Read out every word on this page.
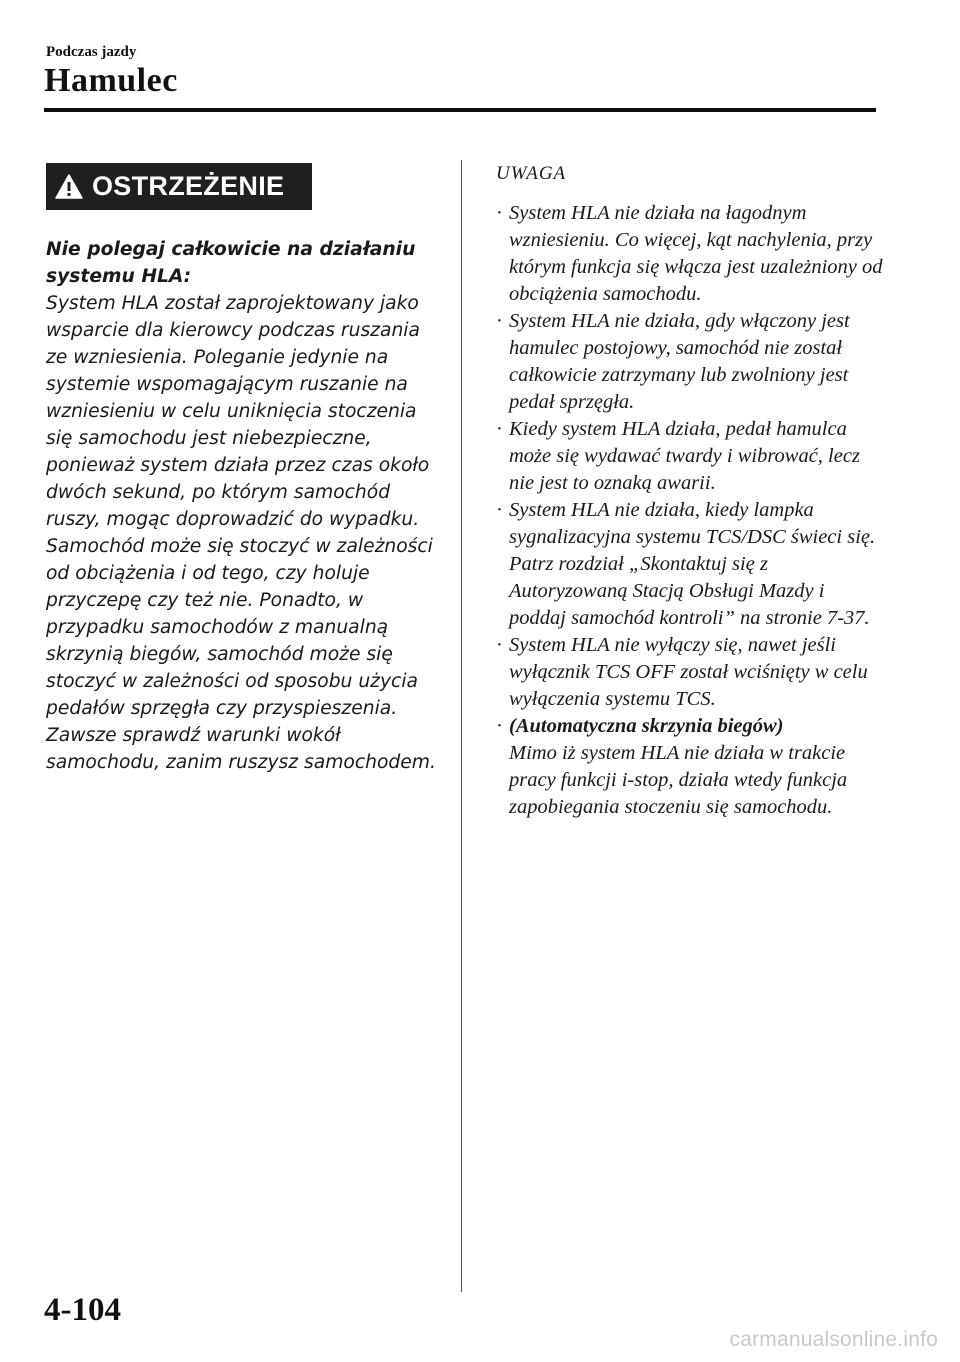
Podczas jazdy
Hamulec
OSTRZEŻENIE

Nie polegaj całkowicie na działaniu systemu HLA:

System HLA został zaprojektowany jako wsparcie dla kierowcy podczas ruszania ze wzniesienia. Poleganie jedynie na systemie wspomagającym ruszanie na wzniesieniu w celu uniknięcia stoczenia się samochodu jest niebezpieczne, ponieważ system działa przez czas około dwóch sekund, po którym samochód ruszy, mogąc doprowadzić do wypadku.

Samochód może się stoczyć w zależności od obciążenia i od tego, czy holuje przyczepę czy też nie. Ponadto, w przypadku samochodów z manualną skrzynią biegów, samochód może się stoczyć w zależności od sposobu użycia pedałów sprzęgła czy przyspieszenia.

Zawsze sprawdź warunki wokół samochodu, zanim ruszysz samochodem.

UWAGA

· System HLA nie działa na łagodnym wzniesieniu. Co więcej, kąt nachylenia, przy którym funkcja się włącza jest uzależniony od obciążenia samochodu.
· System HLA nie działa, gdy włączony jest hamulec postojowy, samochód nie został całkowicie zatrzymany lub zwolniony jest pedał sprzęgła.
· Kiedy system HLA działa, pedał hamulca może się wydawać twardy i wibrować, lecz nie jest to oznaką awarii.
· System HLA nie działa, kiedy lampka sygnalizacyjna systemu TCS/DSC świeci się.
Patrz rozdział „Skontaktuj się z Autoryzowaną Stacją Obsługi Mazdy i poddaj samochód kontroli” na stronie 7-37.
· System HLA nie wyłączy się, nawet jeśli wyłącznik TCS OFF został wciśnięty w celu wyłączenia systemu TCS.
· (Automatyczna skrzynia biegów)
Mimo iż system HLA nie działa w trakcie pracy funkcji i-stop, działa wtedy funkcja zapobiegania stoczeniu się samochodu.
4-104
carmanualsonline.info
